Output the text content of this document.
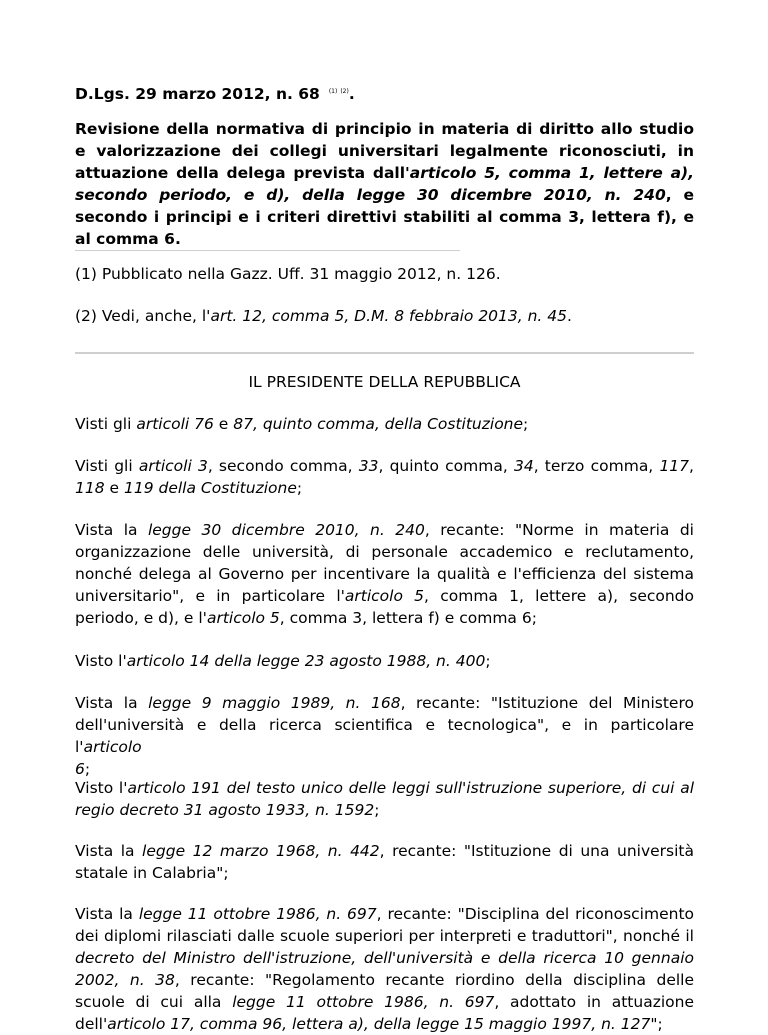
D.Lgs. 29 marzo 2012, n. 68 $^{(1)}$ $^{(2)}$.
Revisione della normativa di principio in materia di diritto allo studio e valorizzazione dei collegi universitari legalmente riconosciuti, in attuazione della delega prevista dall'articolo 5, comma 1, lettere a), secondo periodo, e d), della legge 30 dicembre 2010, n. 240, e secondo i principi e i criteri direttivi stabiliti al comma 3, lettera f), e al comma 6.
(1) Pubblicato nella Gazz. Uff. 31 maggio 2012, n. 126.
(2) Vedi, anche, l'art. 12, comma 5, D.M. 8 febbraio 2013, n. 45.
IL PRESIDENTE DELLA REPUBBLICA
Visti gli articoli 76 e 87, quinto comma, della Costituzione;
Visti gli articoli 3, secondo comma, 33, quinto comma, 34, terzo comma, 117,
118 e 119 della Costituzione;
Vista la legge 30 dicembre 2010, n. 240, recante: "Norme in materia di
organizzazione delle università, di personale accademico e reclutamento,
nonché delega al Governo per incentivare la qualità e l'efficienza del sistema
universitario", e in particolare l'articolo 5, comma 1, lettere a), secondo
periodo, e d), e l'articolo 5, comma 3, lettera f) e comma 6;
Visto l'articolo 14 della legge 23 agosto 1988, n. 400;
Vista la legge 9 maggio 1989, n. 168, recante: "Istituzione del Ministero
dell'università e della ricerca scientifica e tecnologica", e in particolare l'articolo
6;
Visto l'articolo 191 del testo unico delle leggi sull'istruzione superiore, di cui al
regio decreto 31 agosto 1933, n. 1592;
Vista la legge 12 marzo 1968, n. 442, recante: "Istituzione di una università
statale in Calabria";
Vista la legge 11 ottobre 1986, n. 697, recante: "Disciplina del riconoscimento
dei diplomi rilasciati dalle scuole superiori per interpreti e traduttori", nonché il
decreto del Ministro dell'istruzione, dell'università e della ricerca 10 gennaio
2002, n. 38, recante: "Regolamento recante riordino della disciplina delle
scuole di cui alla legge 11 ottobre 1986, n. 697, adottato in attuazione
dell'articolo 17, comma 96, lettera a), della legge 15 maggio 1997, n. 127";
